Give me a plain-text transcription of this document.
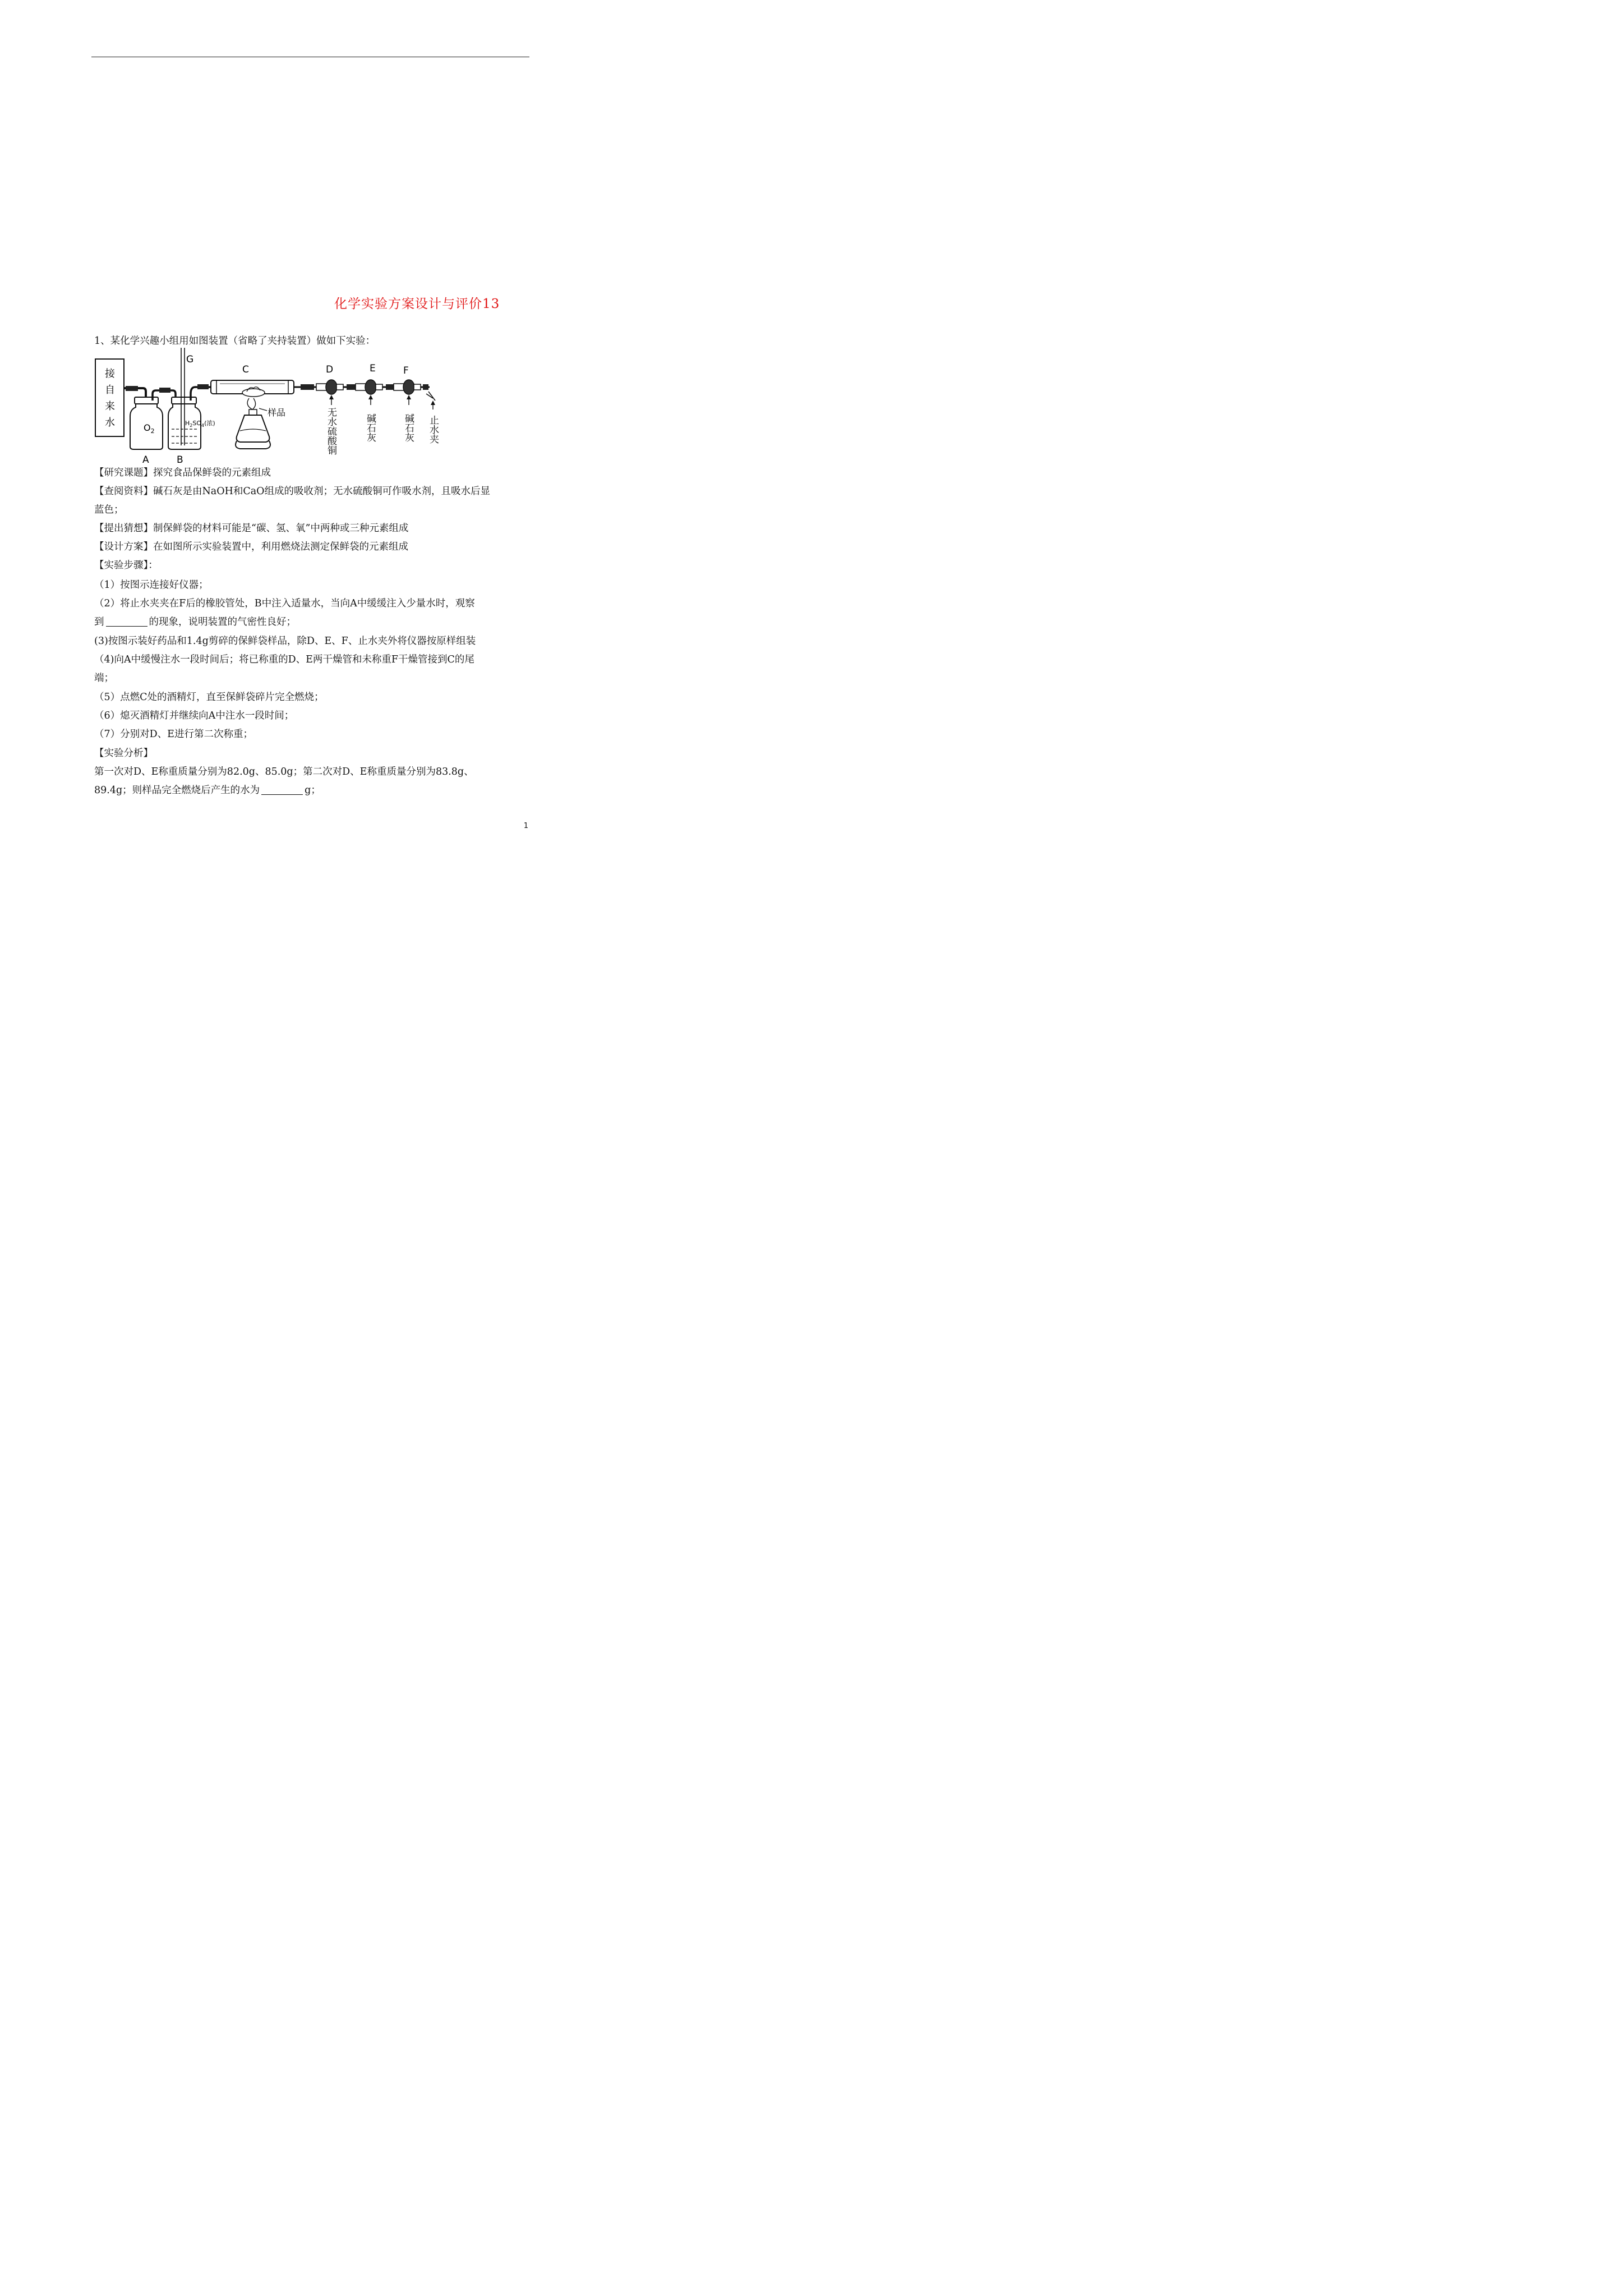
化学实验方案设计与评价13
1、某化学兴趣小组用如图装置（省略了夹持装置）做如下实验：
接
自
来
水	$O_2$
A
G
$H_2SO_4$(浓)
B
C
样品
D	E	F
无水硫酸铜	碱石灰	碱石灰 止水夹
【研究课题】探究食品保鲜袋的元素组成
【查阅资料】碱石灰是由NaOH和CaO组成的吸收剂；无水硫酸铜可作吸水剂，且吸水后显
蓝色；
【提出猜想】制保鲜袋的材料可能是“碳、氢、氧”中两种或三种元素组成
【设计方案】在如图所示实验装置中，利用燃烧法测定保鲜袋的元素组成
【实验步骤】：
（1）按图示连接好仪器；
（2）将止水夹夹在F后的橡胶管处，B中注入适量水，当向A中缓缓注入少量水时，观察
到	的现象，说明装置的气密性良好；
(3)按图示装好药品和1.4g剪碎的保鲜袋样品，除D、E、F、止水夹外将仪器按原样组装
（4)向A中缓慢注水一段时间后；将已称重的D、E两干燥管和未称重F干燥管接到C的尾
端；
（5）点燃C处的酒精灯，直至保鲜袋碎片完全燃烧；
（6）熄灭酒精灯并继续向A中注水一段时间；
（7）分别对D、E进行第二次称重；
【实验分析】
第一次对D、E称重质量分别为82.0g、85.0g；第二次对D、E称重质量分别为83.8g、
89.4g；则样品完全燃烧后产生的水为	g；
1
